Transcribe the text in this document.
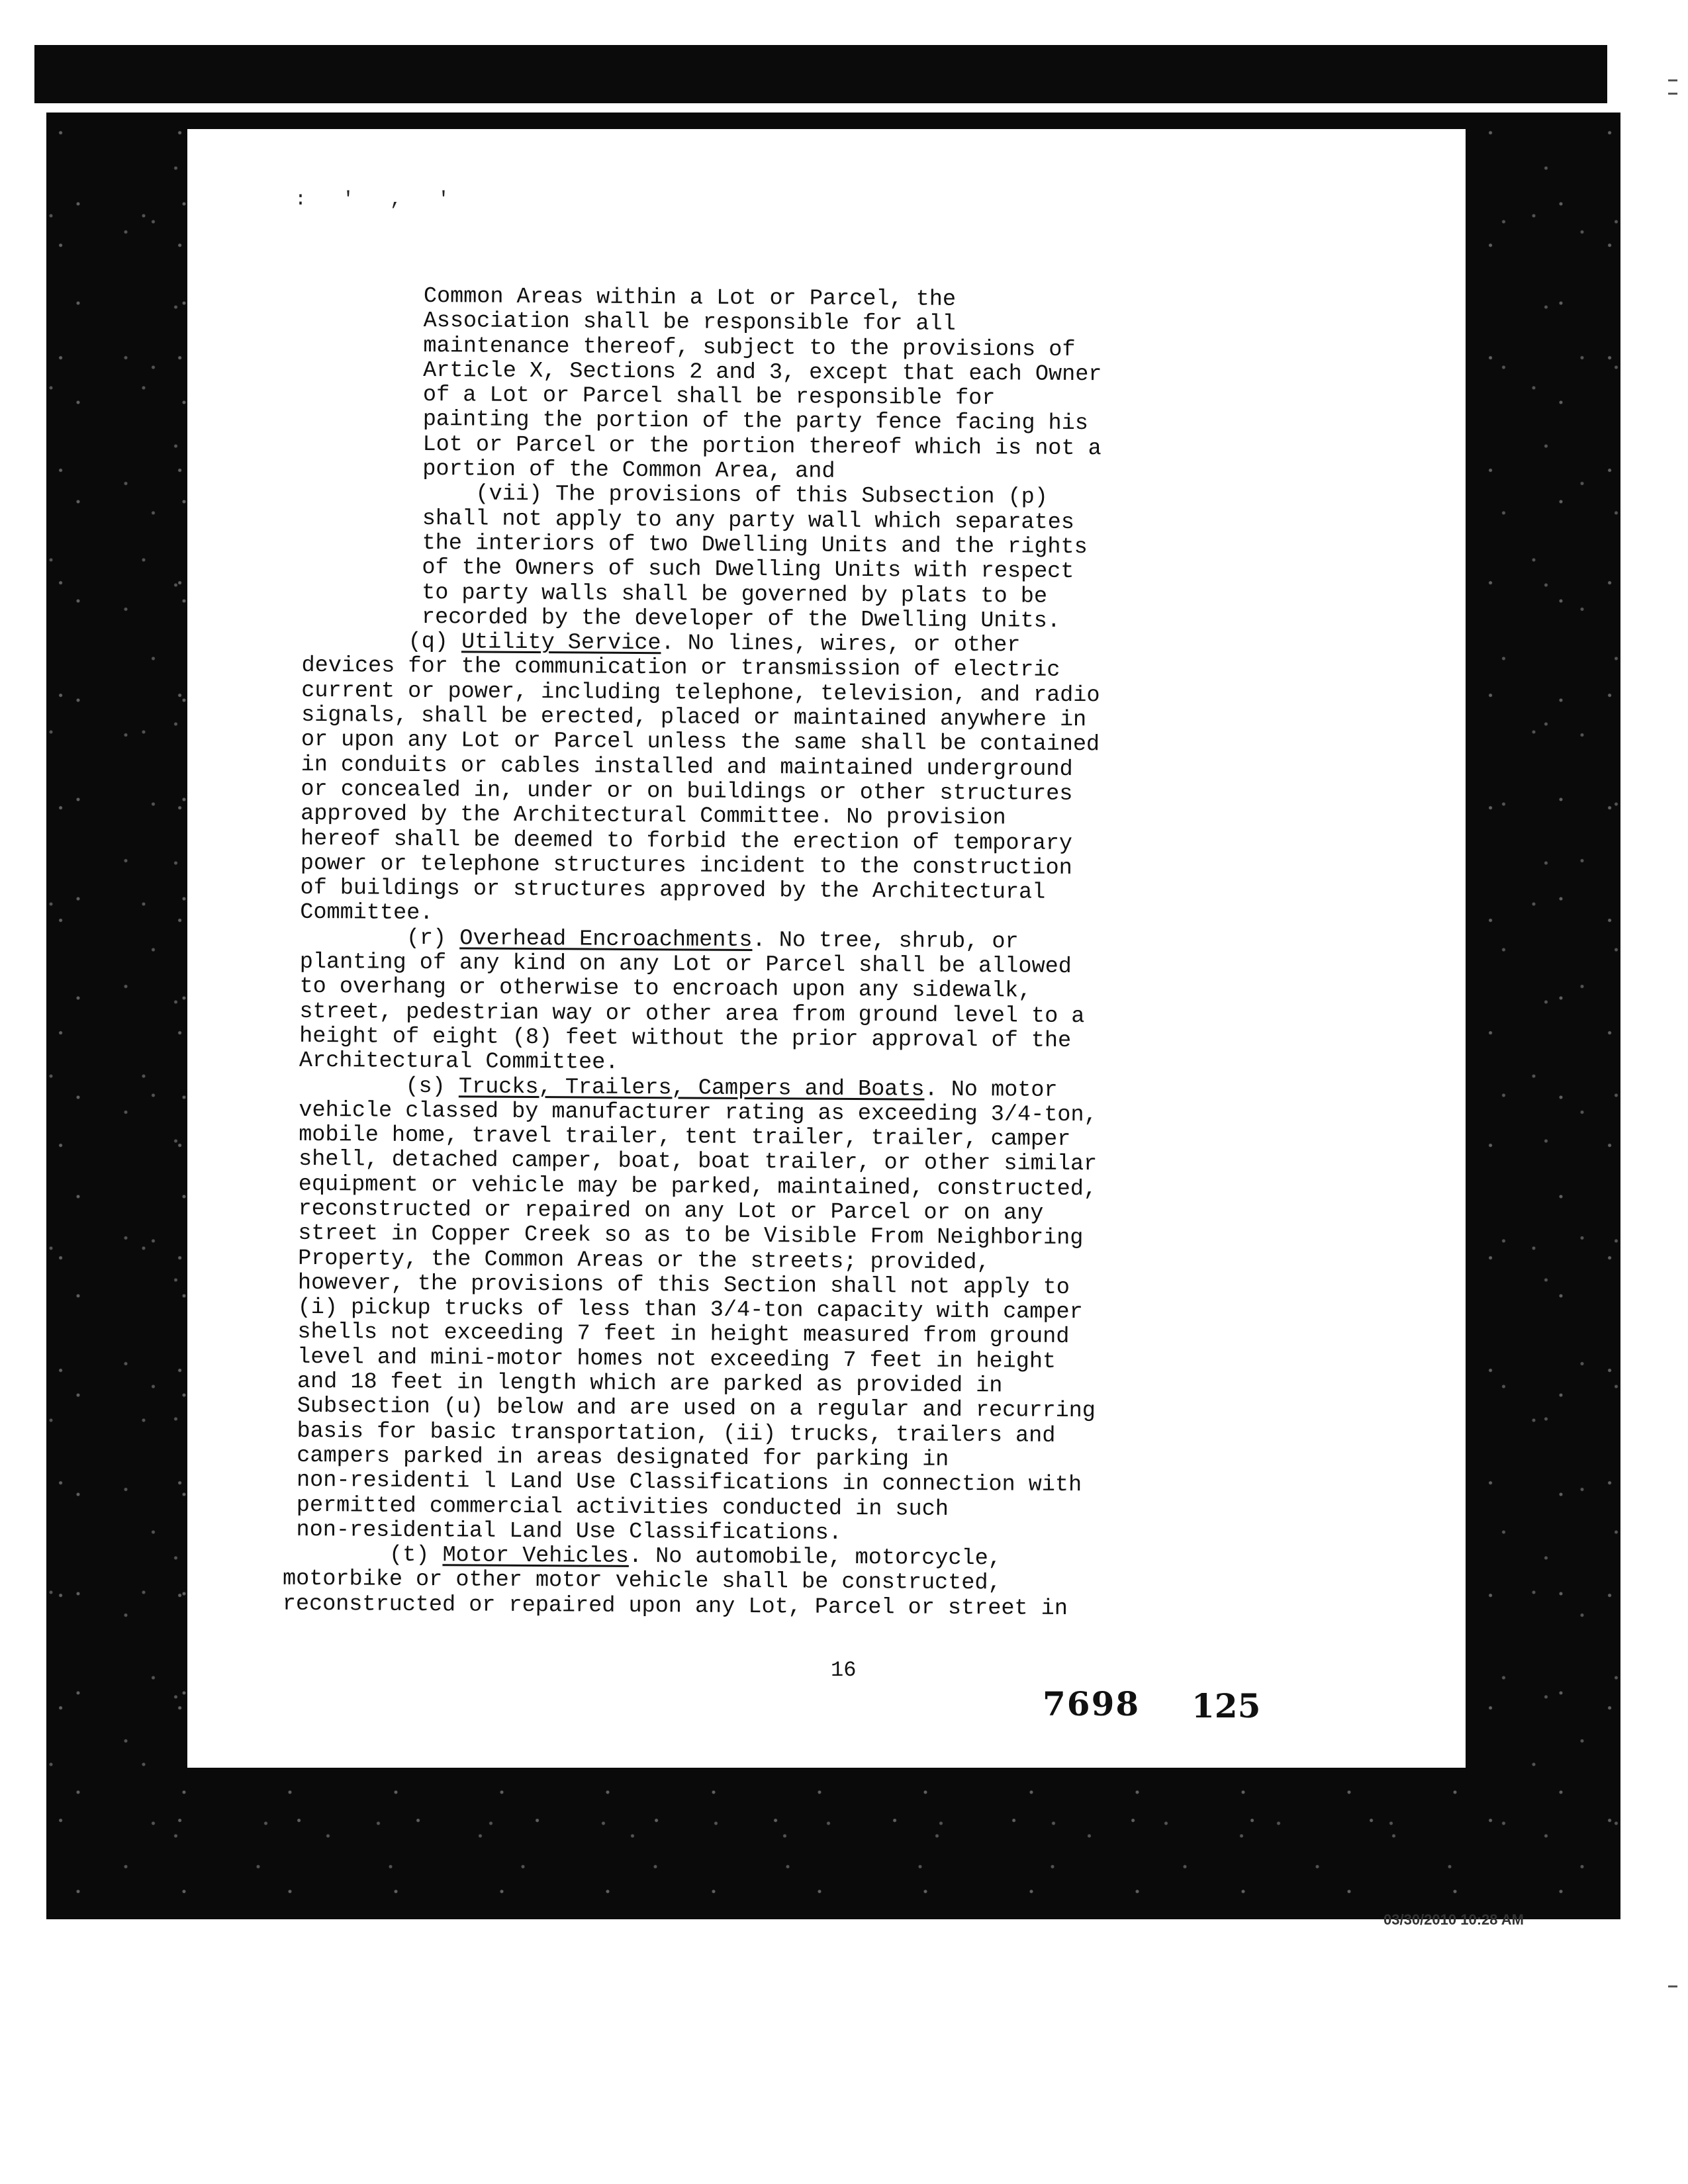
: ' , '
Common Areas within a Lot or Parcel, the
Association shall be responsible for all
maintenance thereof, subject to the provisions of
Article X, Sections 2 and 3, except that each Owner
of a Lot or Parcel shall be responsible for
painting the portion of the party fence facing his
Lot or Parcel or the portion thereof which is not a
portion of the Common Area, and
(vii) The provisions of this Subsection (p)
shall not apply to any party wall which separates
the interiors of two Dwelling Units and the rights
of the Owners of such Dwelling Units with respect
to party walls shall be governed by plats to be
recorded by the developer of the Dwelling Units.
(q) Utility Service. No lines, wires, or other
devices for the communication or transmission of electric
current or power, including telephone, television, and radio
signals, shall be erected, placed or maintained anywhere in
or upon any Lot or Parcel unless the same shall be contained
in conduits or cables installed and maintained underground
or concealed in, under or on buildings or other structures
approved by the Architectural Committee. No provision
hereof shall be deemed to forbid the erection of temporary
power or telephone structures incident to the construction
of buildings or structures approved by the Architectural
Committee.
(r) Overhead Encroachments. No tree, shrub, or
planting of any kind on any Lot or Parcel shall be allowed
to overhang or otherwise to encroach upon any sidewalk,
street, pedestrian way or other area from ground level to a
height of eight (8) feet without the prior approval of the
Architectural Committee.
(s) Trucks, Trailers, Campers and Boats. No motor
vehicle classed by manufacturer rating as exceeding 3/4-ton,
mobile home, travel trailer, tent trailer, trailer, camper
shell, detached camper, boat, boat trailer, or other similar
equipment or vehicle may be parked, maintained, constructed,
reconstructed or repaired on any Lot or Parcel or on any
street in Copper Creek so as to be Visible From Neighboring
Property, the Common Areas or the streets; provided,
however, the provisions of this Section shall not apply to
(i) pickup trucks of less than 3/4-ton capacity with camper
shells not exceeding 7 feet in height measured from ground
level and mini-motor homes not exceeding 7 feet in height
and 18 feet in length which are parked as provided in
Subsection (u) below and are used on a regular and recurring
basis for basic transportation, (ii) trucks, trailers and
campers parked in areas designated for parking in
non-residenti l Land Use Classifications in connection with
permitted commercial activities conducted in such
non-residential Land Use Classifications.
(t) Motor Vehicles. No automobile, motorcycle,
motorbike or other motor vehicle shall be constructed,
reconstructed or repaired upon any Lot, Parcel or street in
16
7698 125
03/30/2010 10:28 AM
